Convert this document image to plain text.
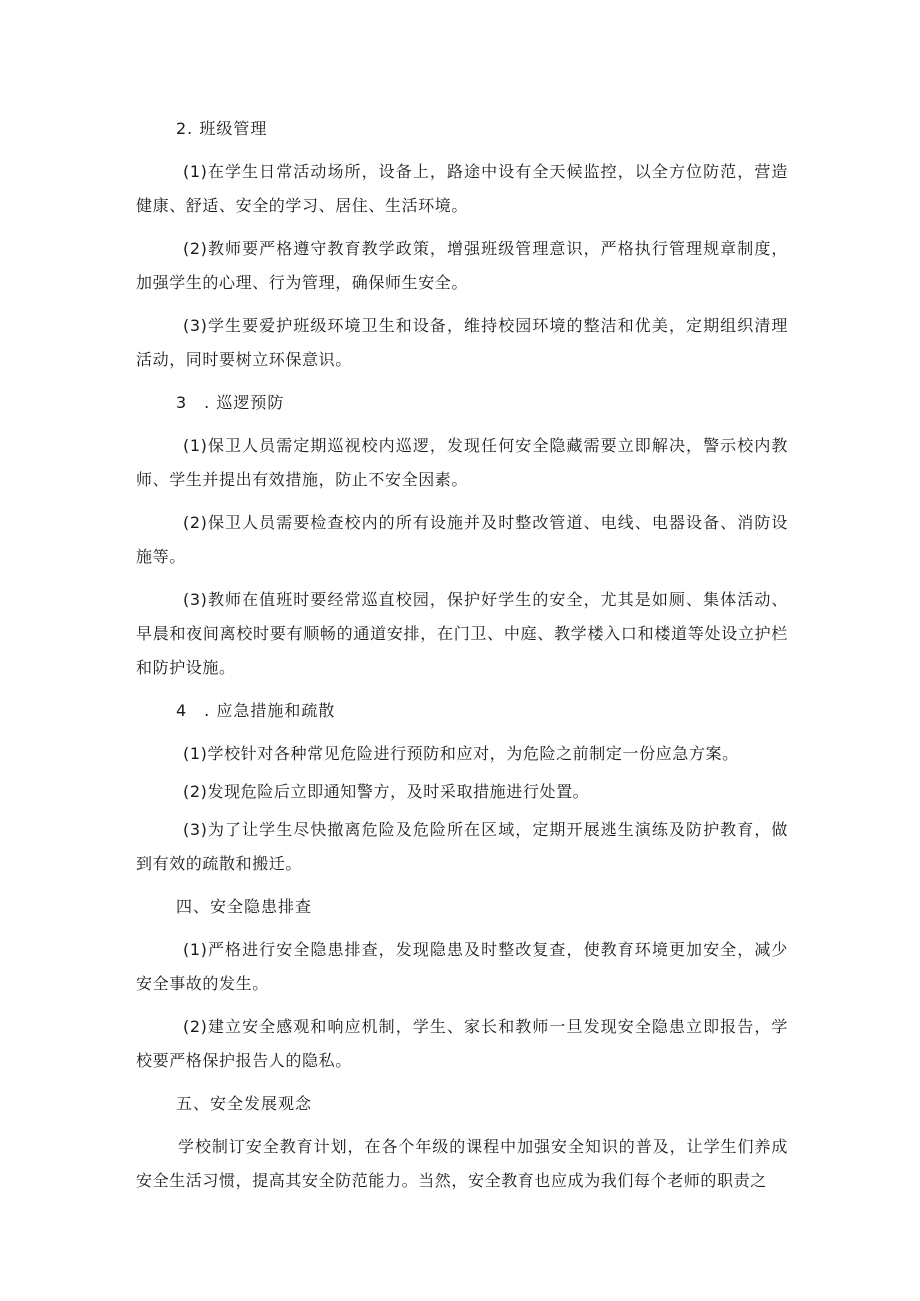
2. 班级管理

(1)在学生日常活动场所，设备上，路途中设有全天候监控，以全方位防范，营造健康、舒适、安全的学习、居住、生活环境。

(2)教师要严格遵守教育教学政策，增强班级管理意识，严格执行管理规章制度，加强学生的心理、行为管理，确保师生安全。

(3)学生要爱护班级环境卫生和设备，维持校园环境的整洁和优美，定期组织清理活动，同时要树立环保意识。

3　. 巡逻预防

(1)保卫人员需定期巡视校内巡逻，发现任何安全隐藏需要立即解决，警示校内教师、学生并提出有效措施，防止不安全因素。

(2)保卫人员需要检查校内的所有设施并及时整改管道、电线、电器设备、消防设施等。

(3)教师在值班时要经常巡直校园，保护好学生的安全，尤其是如厕、集体活动、早晨和夜间离校时要有顺畅的通道安排，在门卫、中庭、教学楼入口和楼道等处设立护栏和防护设施。

4　. 应急措施和疏散

(1)学校针对各种常见危险进行预防和应对，为危险之前制定一份应急方案。

(2)发现危险后立即通知警方，及时采取措施进行处置。

(3)为了让学生尽快撤离危险及危险所在区域，定期开展逃生演练及防护教育，做到有效的疏散和搬迁。

四、安全隐患排查

(1)严格进行安全隐患排查，发现隐患及时整改复查，使教育环境更加安全，减少安全事故的发生。

(2)建立安全感观和响应机制，学生、家长和教师一旦发现安全隐患立即报告，学校要严格保护报告人的隐私。

五、安全发展观念

学校制订安全教育计划，在各个年级的课程中加强安全知识的普及，让学生们养成安全生活习惯，提高其安全防范能力。当然，安全教育也应成为我们每个老师的职责之
